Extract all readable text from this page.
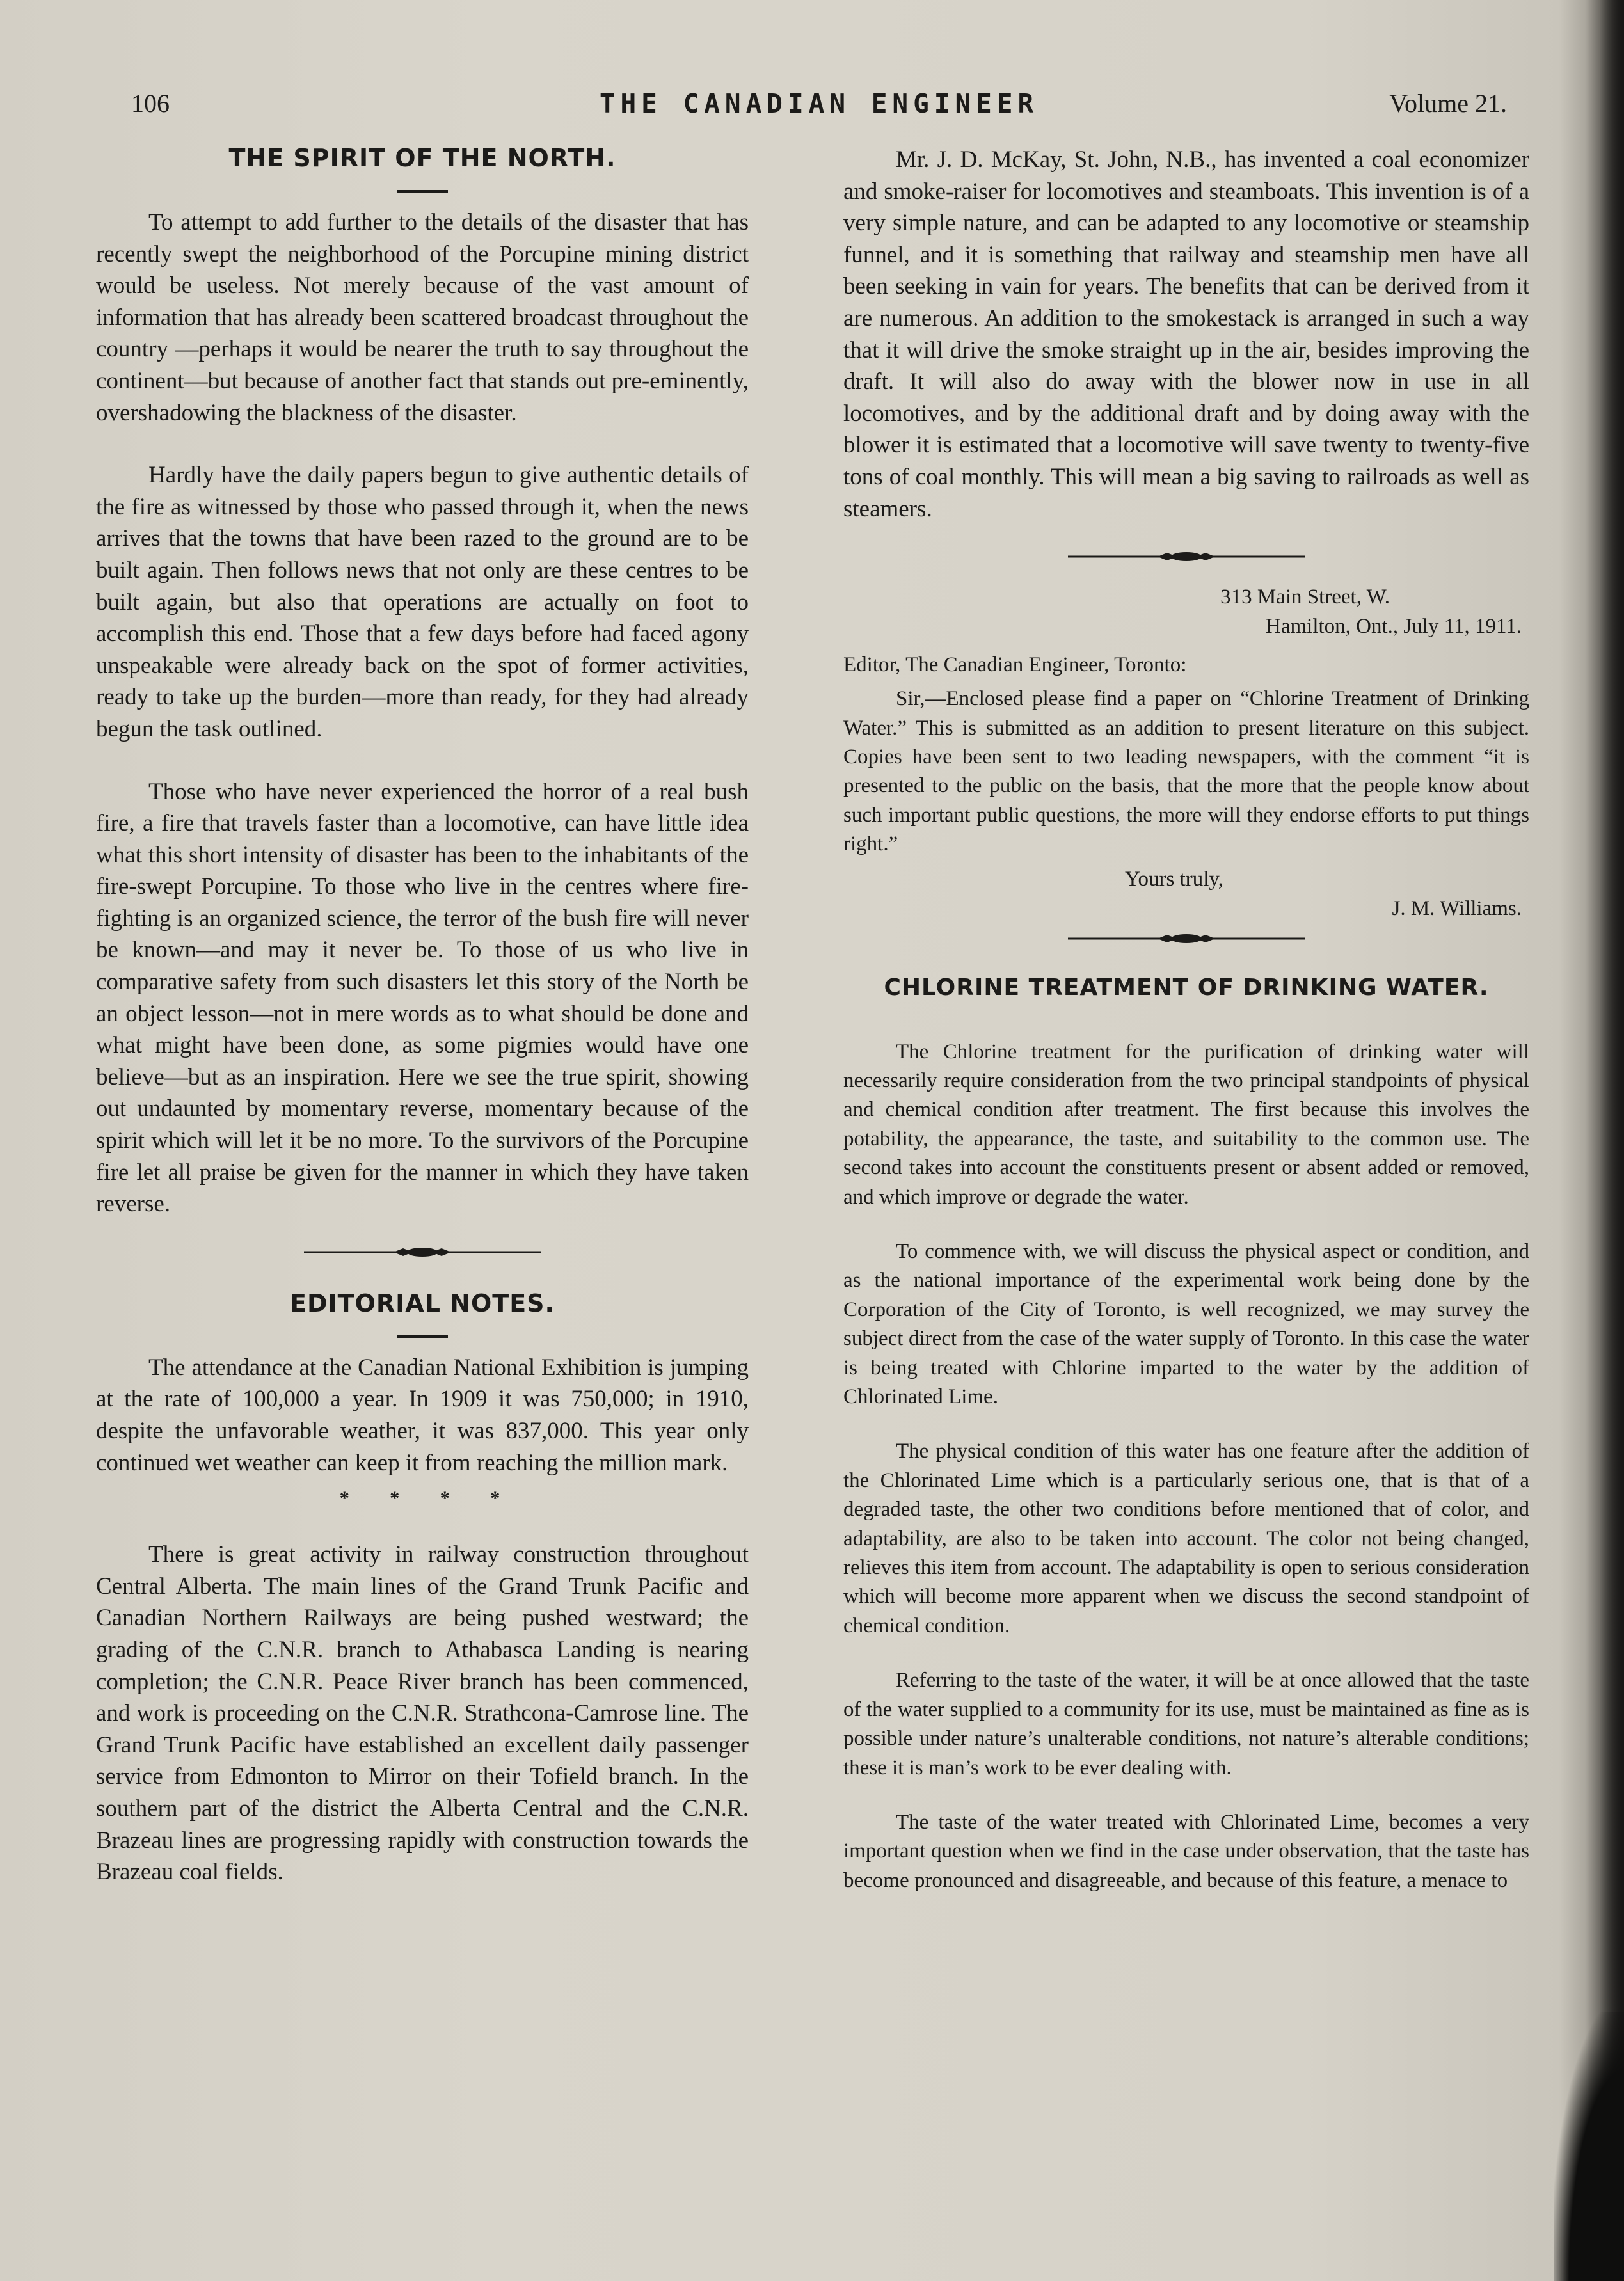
106	THE CANADIAN ENGINEER	Volume 21.
THE SPIRIT OF THE NORTH.

To attempt to add further to the details of the disaster that has recently swept the neighborhood of the Porcupine mining district would be useless. Not merely because of the vast amount of information that has already been scattered broadcast throughout the country —perhaps it would be nearer the truth to say throughout the continent—but because of another fact that stands out pre-eminently, overshadowing the blackness of the disaster.

Hardly have the daily papers begun to give authentic details of the fire as witnessed by those who passed through it, when the news arrives that the towns that have been razed to the ground are to be built again. Then follows news that not only are these centres to be built again, but also that operations are actually on foot to accomplish this end. Those that a few days before had faced agony unspeakable were already back on the spot of former activities, ready to take up the burden—more than ready, for they had already begun the task outlined.

Those who have never experienced the horror of a real bush fire, a fire that travels faster than a locomotive, can have little idea what this short intensity of disaster has been to the inhabitants of the fire-swept Porcupine. To those who live in the centres where fire-fighting is an organized science, the terror of the bush fire will never be known—and may it never be. To those of us who live in comparative safety from such disasters let this story of the North be an object lesson—not in mere words as to what should be done and what might have been done, as some pigmies would have one believe—but as an inspiration. Here we see the true spirit, showing out undaunted by momentary reverse, momentary because of the spirit which will let it be no more. To the survivors of the Porcupine fire let all praise be given for the manner in which they have taken reverse.

EDITORIAL NOTES.

The attendance at the Canadian National Exhibition is jumping at the rate of 100,000 a year. In 1909 it was 750,000; in 1910, despite the unfavorable weather, it was 837,000. This year only continued wet weather can keep it from reaching the million mark.

* * * *

There is great activity in railway construction throughout Central Alberta. The main lines of the Grand Trunk Pacific and Canadian Northern Railways are being pushed westward; the grading of the C.N.R. branch to Athabasca Landing is nearing completion; the C.N.R. Peace River branch has been commenced, and work is proceeding on the C.N.R. Strathcona-Camrose line. The Grand Trunk Pacific have established an excellent daily passenger service from Edmonton to Mirror on their Tofield branch. In the southern part of the district the Alberta Central and the C.N.R. Brazeau lines are progressing rapidly with construction towards the Brazeau coal fields.

Mr. J. D. McKay, St. John, N.B., has invented a coal economizer and smoke-raiser for locomotives and steamboats. This invention is of a very simple nature, and can be adapted to any locomotive or steamship funnel, and it is something that railway and steamship men have all been seeking in vain for years. The benefits that can be derived from it are numerous. An addition to the smokestack is arranged in such a way that it will drive the smoke straight up in the air, besides improving the draft. It will also do away with the blower now in use in all locomotives, and by the additional draft and by doing away with the blower it is estimated that a locomotive will save twenty to twenty-five tons of coal monthly. This will mean a big saving to railroads as well as steamers.

313 Main Street, W.
Hamilton, Ont., July 11, 1911.
Editor, The Canadian Engineer, Toronto:

Sir,—Enclosed please find a paper on “Chlorine Treatment of Drinking Water.” This is submitted as an addition to present literature on this subject. Copies have been sent to two leading newspapers, with the comment “it is presented to the public on the basis, that the more that the people know about such important public questions, the more will they endorse efforts to put things right.”

Yours truly,
J. M. Williams.
CHLORINE TREATMENT OF DRINKING WATER.

The Chlorine treatment for the purification of drinking water will necessarily require consideration from the two principal standpoints of physical and chemical condition after treatment. The first because this involves the potability, the appearance, the taste, and suitability to the common use. The second takes into account the constituents present or absent added or removed, and which improve or degrade the water.

To commence with, we will discuss the physical aspect or condition, and as the national importance of the experimental work being done by the Corporation of the City of Toronto, is well recognized, we may survey the subject direct from the case of the water supply of Toronto. In this case the water is being treated with Chlorine imparted to the water by the addition of Chlorinated Lime.

The physical condition of this water has one feature after the addition of the Chlorinated Lime which is a particularly serious one, that is that of a degraded taste, the other two conditions before mentioned that of color, and adaptability, are also to be taken into account. The color not being changed, relieves this item from account. The adaptability is open to serious consideration which will become more apparent when we discuss the second standpoint of chemical condition.

Referring to the taste of the water, it will be at once allowed that the taste of the water supplied to a community for its use, must be maintained as fine as is possible under nature’s unalterable conditions, not nature’s alterable conditions; these it is man’s work to be ever dealing with.

The taste of the water treated with Chlorinated Lime, becomes a very important question when we find in the case under observation, that the taste has become pronounced and disagreeable, and because of this feature, a menace to
